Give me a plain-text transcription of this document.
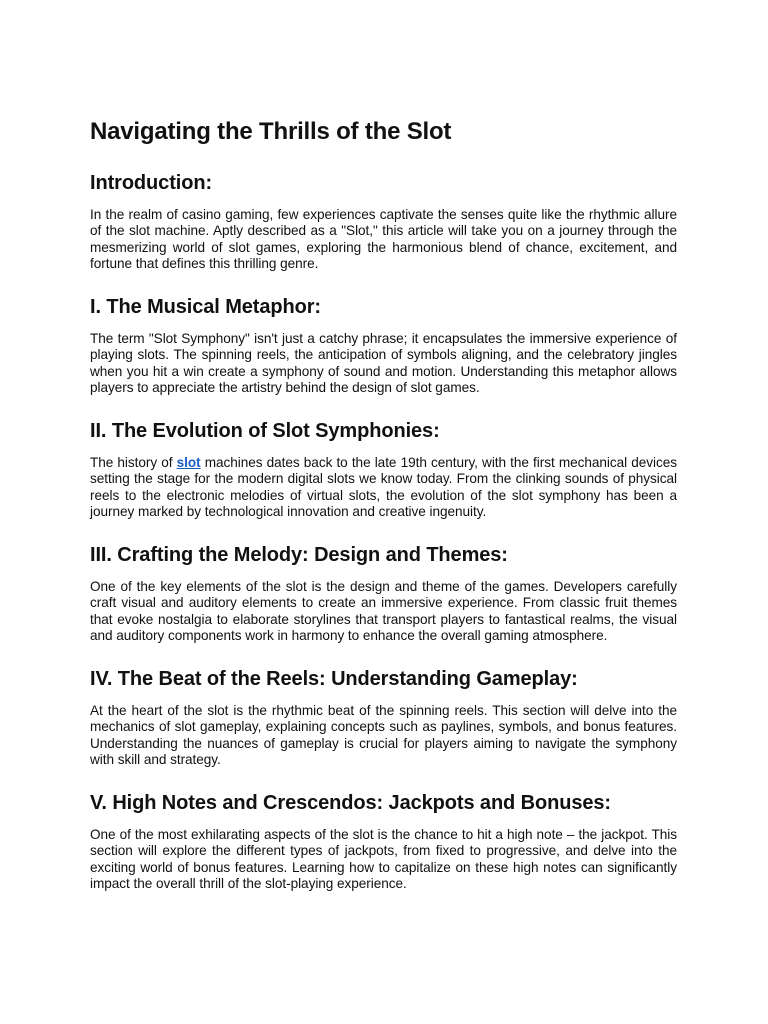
Navigating the Thrills of the Slot
Introduction:

In the realm of casino gaming, few experiences captivate the senses quite like the rhythmic allure of the slot machine. Aptly described as a "Slot," this article will take you on a journey through the mesmerizing world of slot games, exploring the harmonious blend of chance, excitement, and fortune that defines this thrilling genre.

I. The Musical Metaphor:

The term "Slot Symphony" isn't just a catchy phrase; it encapsulates the immersive experience of playing slots. The spinning reels, the anticipation of symbols aligning, and the celebratory jingles when you hit a win create a symphony of sound and motion. Understanding this metaphor allows players to appreciate the artistry behind the design of slot games.

II. The Evolution of Slot Symphonies:

The history of slot machines dates back to the late 19th century, with the first mechanical devices setting the stage for the modern digital slots we know today. From the clinking sounds of physical reels to the electronic melodies of virtual slots, the evolution of the slot symphony has been a journey marked by technological innovation and creative ingenuity.

III. Crafting the Melody: Design and Themes:

One of the key elements of the slot is the design and theme of the games. Developers carefully craft visual and auditory elements to create an immersive experience. From classic fruit themes that evoke nostalgia to elaborate storylines that transport players to fantastical realms, the visual and auditory components work in harmony to enhance the overall gaming atmosphere.

IV. The Beat of the Reels: Understanding Gameplay:

At the heart of the slot is the rhythmic beat of the spinning reels. This section will delve into the mechanics of slot gameplay, explaining concepts such as paylines, symbols, and bonus features. Understanding the nuances of gameplay is crucial for players aiming to navigate the symphony with skill and strategy.

V. High Notes and Crescendos: Jackpots and Bonuses:

One of the most exhilarating aspects of the slot is the chance to hit a high note – the jackpot. This section will explore the different types of jackpots, from fixed to progressive, and delve into the exciting world of bonus features. Learning how to capitalize on these high notes can significantly impact the overall thrill of the slot-playing experience.
